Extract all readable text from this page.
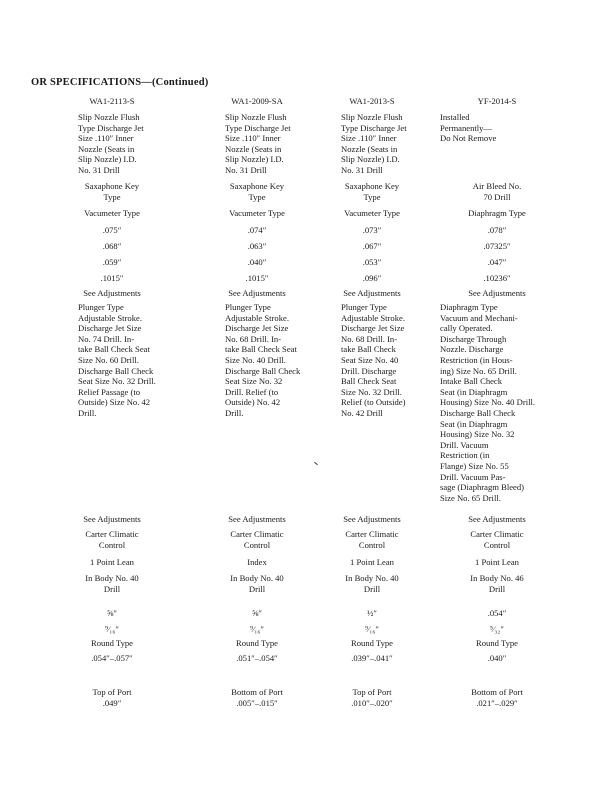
OR SPECIFICATIONS—(Continued)
WA1-2113-S
Slip Nozzle Flush
Type Discharge Jet
Size .110″ Inner
Nozzle (Seats in
Slip Nozzle) I.D.
No. 31 Drill
Saxaphone Key
Type
Vacumeter Type
.075″
.068″
.059″
.1015″
See Adjustments
Plunger Type
Adjustable Stroke.
Discharge Jet Size
No. 74 Drill. In-
take Ball Check Seat
Size No. 60 Drill.
Discharge Ball Check
Seat Size No. 32 Drill.
Relief Passage (to
Outside) Size No. 42
Drill.
See Adjustments
Carter Climatic
Control
1 Point Lean
In Body No. 40
Drill
⅝″
⁹⁄₁₆″
Round Type
.054″–.057″
Top of Port
.049″
WA1-2009-SA
Slip Nozzle Flush
Type Discharge Jet
Size .110″ Inner
Nozzle (Seats in
Slip Nozzle) I.D.
No. 31 Drill
Saxaphone Key
Type
Vacumeter Type
.074″
.063″
.040″
.1015″
See Adjustments
Plunger Type
Adjustable Stroke.
Discharge Jet Size
No. 68 Drill. In-
take Ball Check Seat
Size No. 40 Drill.
Discharge Ball Check
Seat Size No. 32
Drill. Relief (to
Outside) No. 42
Drill.
See Adjustments
Carter Climatic
Control
Index
In Body No. 40
Drill
⅝″
⁹⁄₁₆″
Round Type
.051″–.054″
Bottom of Port
.005″–.015″
WA1-2013-S
Slip Nozzle Flush
Type Discharge Jet
Size .110″ Inner
Nozzle (Seats in
Slip Nozzle) I.D.
No. 31 Drill
Saxaphone Key
Type
Vacumeter Type
.073″
.067″
.053″
.096″
See Adjustments
Plunger Type
Adjustable Stroke.
Discharge Jet Size
No. 68 Drill. In-
take Ball Check
Seat Size No. 40
Drill. Discharge
Ball Check Seat
Size No. 32 Drill.
Relief (to Outside)
No. 42 Drill
See Adjustments
Carter Climatic
Control
1 Point Lean
In Body No. 40
Drill
½″
⁹⁄₁₆″
Round Type
.039″–.041″
Top of Port
.010″–.020″
YF-2014-S
Installed
Permanently—
Do Not Remove
Air Bleed No.
70 Drill
Diaphragm Type
.078″
.07325″
.047″
.10236″
See Adjustments
Diaphragm Type
Vacuum and Mechani-
cally Operated.
Discharge Through
Nozzle. Discharge
Restriction (in Hous-
ing) Size No. 65 Drill.
Intake Ball Check
Seat (in Diaphragm
Housing) Size No. 40 Drill.
Discharge Ball Check
Seat (in Diaphragm
Housing) Size No. 32
Drill. Vacuum
Restriction (in
Flange) Size No. 55
Drill. Vacuum Pas-
sage (Diaphragm Bleed)
Size No. 65 Drill.
See Adjustments
Carter Climatic
Control
1 Point Lean
In Body No. 46
Drill
.054″
⁵⁄₃₂″
Round Type
.040″
Bottom of Port
.021″–.029″
